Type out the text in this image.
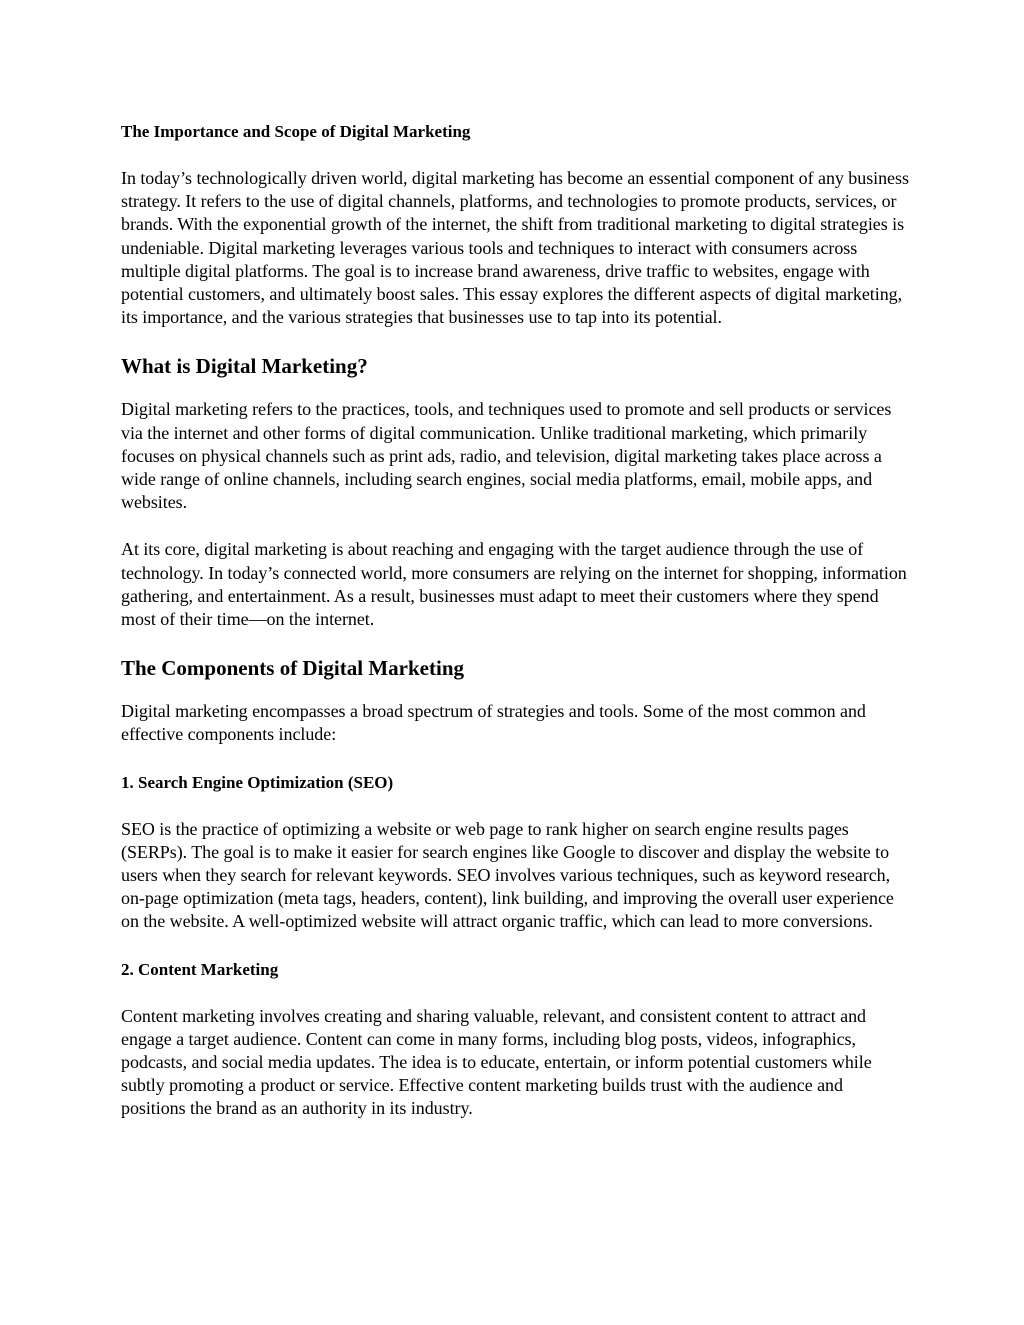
The Importance and Scope of Digital Marketing

In today’s technologically driven world, digital marketing has become an essential component of any business strategy. It refers to the use of digital channels, platforms, and technologies to promote products, services, or brands. With the exponential growth of the internet, the shift from traditional marketing to digital strategies is undeniable. Digital marketing leverages various tools and techniques to interact with consumers across multiple digital platforms. The goal is to increase brand awareness, drive traffic to websites, engage with potential customers, and ultimately boost sales. This essay explores the different aspects of digital marketing, its importance, and the various strategies that businesses use to tap into its potential.

What is Digital Marketing?

Digital marketing refers to the practices, tools, and techniques used to promote and sell products or services via the internet and other forms of digital communication. Unlike traditional marketing, which primarily focuses on physical channels such as print ads, radio, and television, digital marketing takes place across a wide range of online channels, including search engines, social media platforms, email, mobile apps, and websites.

At its core, digital marketing is about reaching and engaging with the target audience through the use of technology. In today’s connected world, more consumers are relying on the internet for shopping, information gathering, and entertainment. As a result, businesses must adapt to meet their customers where they spend most of their time—on the internet.

The Components of Digital Marketing

Digital marketing encompasses a broad spectrum of strategies and tools. Some of the most common and effective components include:

1. Search Engine Optimization (SEO)

SEO is the practice of optimizing a website or web page to rank higher on search engine results pages (SERPs). The goal is to make it easier for search engines like Google to discover and display the website to users when they search for relevant keywords. SEO involves various techniques, such as keyword research, on-page optimization (meta tags, headers, content), link building, and improving the overall user experience on the website. A well-optimized website will attract organic traffic, which can lead to more conversions.

2. Content Marketing

Content marketing involves creating and sharing valuable, relevant, and consistent content to attract and engage a target audience. Content can come in many forms, including blog posts, videos, infographics, podcasts, and social media updates. The idea is to educate, entertain, or inform potential customers while subtly promoting a product or service. Effective content marketing builds trust with the audience and positions the brand as an authority in its industry.
